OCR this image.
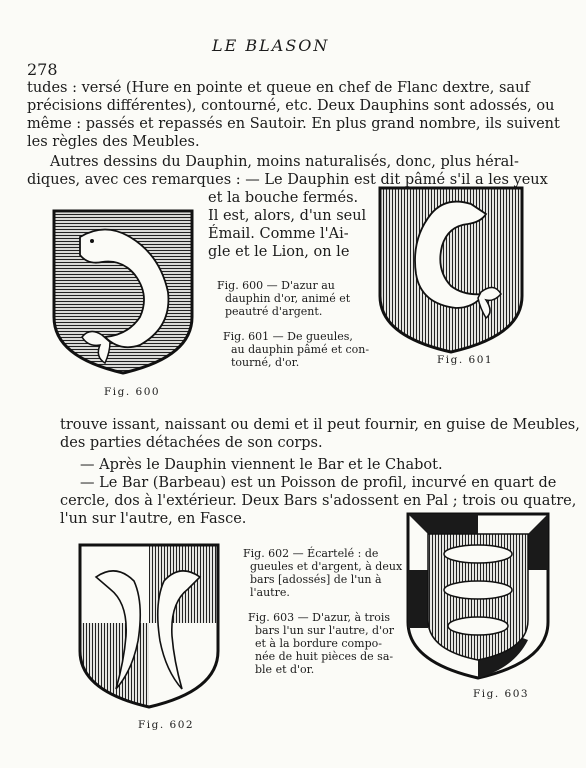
LE BLASON
278
tudes : versé (Hure en pointe et queue en chef de Flanc dextre, sauf
précisions différentes), contourné, etc. Deux Dauphins sont adossés, ou
même : passés et repassés en Sautoir. En plus grand nombre, ils suivent
les règles des Meubles.
Autres dessins du Dauphin, moins naturalisés, donc, plus héral-
diques, avec ces remarques : — Le Dauphin est dit pâmé s'il a les yeux
et la bouche fermés.
Il est, alors, d'un seul
Émail. Comme l'Ai-
gle et le Lion, on le
Fig. 600 — D'azur au
dauphin d'or, animé et
peautré d'argent.
Fig. 601 — De gueules,
au dauphin pâmé et con-
tourné, d'or.
Fig. 600
Fig. 601
trouve issant, naissant ou demi et il peut fournir, en guise de Meubles,
des parties détachées de son corps.
— Après le Dauphin viennent le Bar et le Chabot.
— Le Bar (Barbeau) est un Poisson de profil, incurvé en quart de
cercle, dos à l'extérieur. Deux Bars s'adossent en Pal ; trois ou quatre,
l'un sur l'autre, en Fasce.
Fig. 602 — Écartelé : de
gueules et d'argent, à deux
bars [adossés] de l'un à
l'autre.
Fig. 603 — D'azur, à trois
bars l'un sur l'autre, d'or
et à la bordure compo-
née de huit pièces de sa-
ble et d'or.
Fig. 602
Fig. 603
